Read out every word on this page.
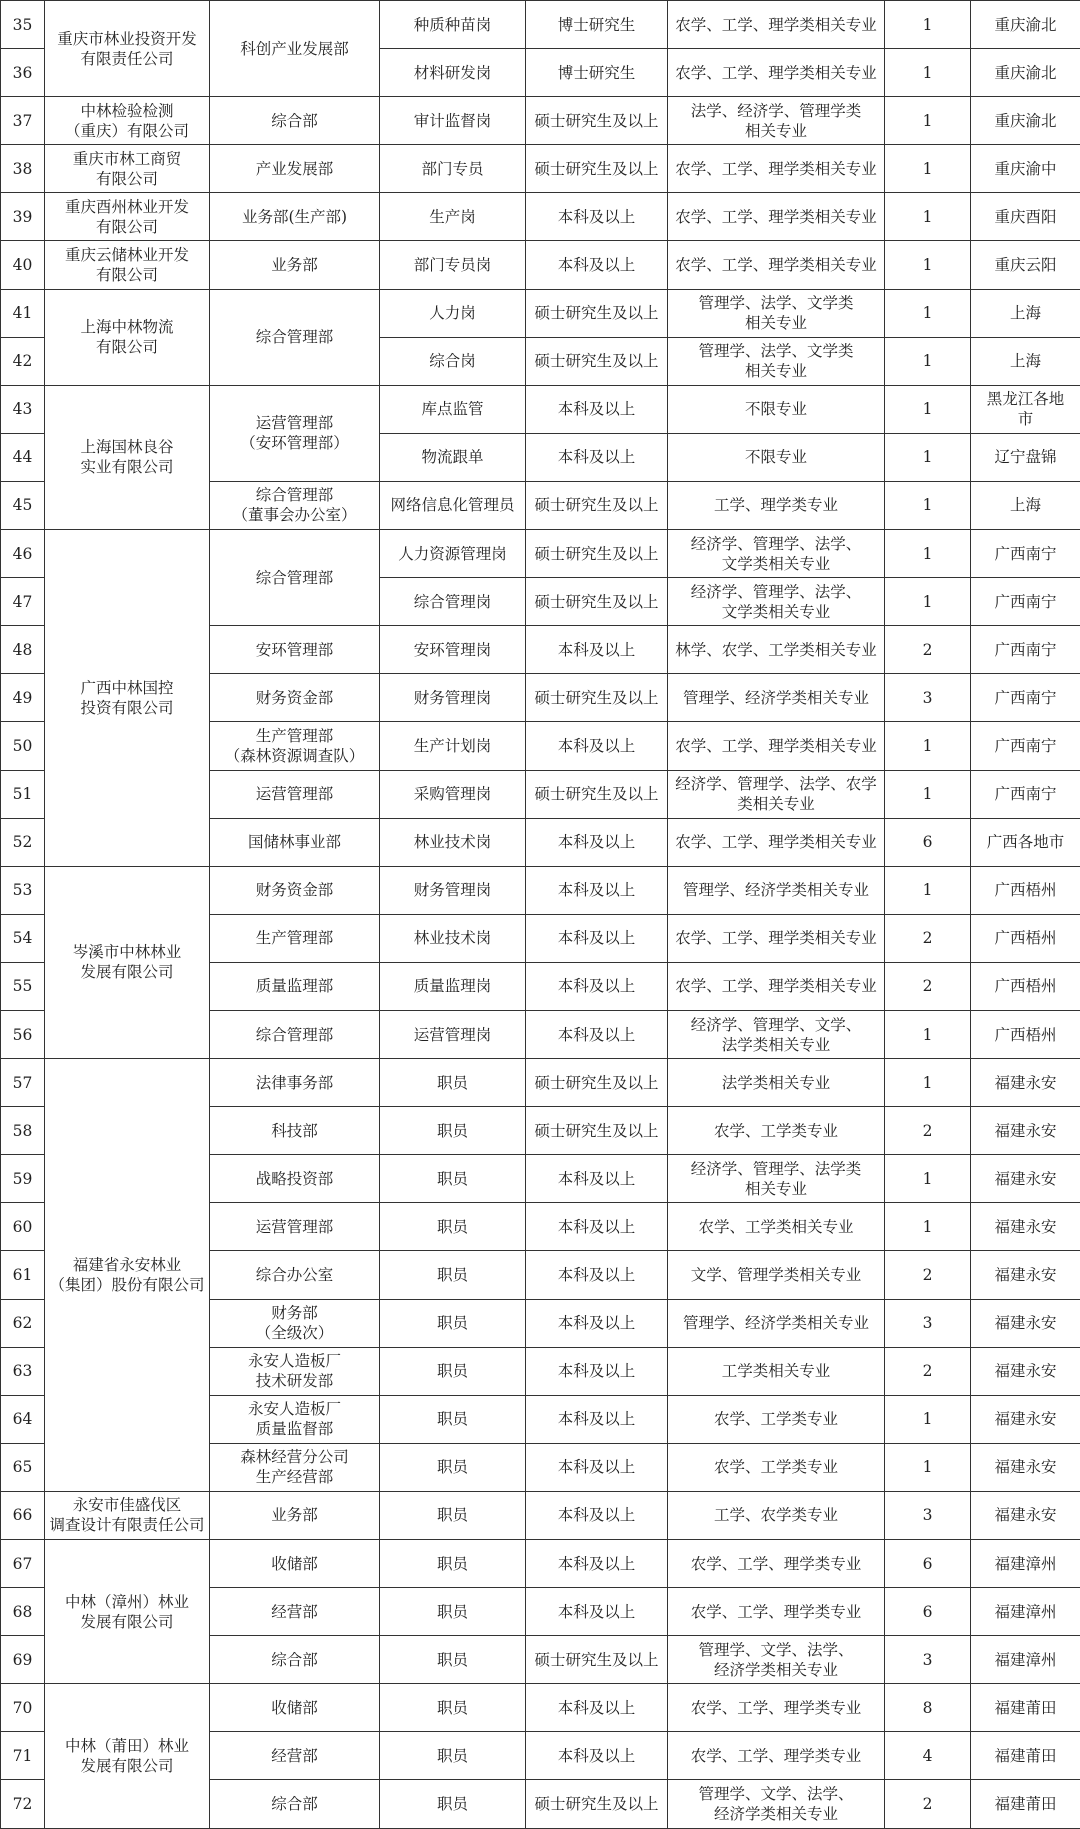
35	重庆市林业投资开发
有限责任公司	科创产业发展部	种质种苗岗	博士研究生	农学、工学、理学类相关专业	1	重庆渝北
36			材料研发岗	博士研究生	农学、工学、理学类相关专业	1	重庆渝北
37	中林检验检测
（重庆）有限公司	综合部	审计监督岗	硕士研究生及以上	法学、经济学、管理学类
相关专业	1	重庆渝北
38	重庆市林工商贸
有限公司	产业发展部	部门专员	硕士研究生及以上	农学、工学、理学类相关专业	1	重庆渝中
39	重庆酉州林业开发
有限公司	业务部(生产部)	生产岗	本科及以上	农学、工学、理学类相关专业	1	重庆酉阳
40	重庆云储林业开发
有限公司	业务部	部门专员岗	本科及以上	农学、工学、理学类相关专业	1	重庆云阳
41	上海中林物流
有限公司	综合管理部	人力岗	硕士研究生及以上	管理学、法学、文学类
相关专业	1	上海
42			综合岗	硕士研究生及以上	管理学、法学、文学类
相关专业	1	上海
43	上海国林良谷
实业有限公司	运营管理部
（安环管理部）	库点监管	本科及以上	不限专业	1	黑龙江各地
市
44			物流跟单	本科及以上	不限专业	1	辽宁盘锦
45		综合管理部
（董事会办公室）	网络信息化管理员	硕士研究生及以上	工学、理学类专业	1	上海
46	广西中林国控
投资有限公司	综合管理部	人力资源管理岗	硕士研究生及以上	经济学、管理学、法学、
文学类相关专业	1	广西南宁
47			综合管理岗	硕士研究生及以上	经济学、管理学、法学、
文学类相关专业	1	广西南宁
48		安环管理部	安环管理岗	本科及以上	林学、农学、工学类相关专业	2	广西南宁
49		财务资金部	财务管理岗	硕士研究生及以上	管理学、经济学类相关专业	3	广西南宁
50		生产管理部
（森林资源调查队）	生产计划岗	本科及以上	农学、工学、理学类相关专业	1	广西南宁
51		运营管理部	采购管理岗	硕士研究生及以上	经济学、管理学、法学、农学
类相关专业	1	广西南宁
52		国储林事业部	林业技术岗	本科及以上	农学、工学、理学类相关专业	6	广西各地市
53	岑溪市中林林业
发展有限公司	财务资金部	财务管理岗	本科及以上	管理学、经济学类相关专业	1	广西梧州
54		生产管理部	林业技术岗	本科及以上	农学、工学、理学类相关专业	2	广西梧州
55		质量监理部	质量监理岗	本科及以上	农学、工学、理学类相关专业	2	广西梧州
56		综合管理部	运营管理岗	本科及以上	经济学、管理学、文学、
法学类相关专业	1	广西梧州
57	福建省永安林业
（集团）股份有限公司	法律事务部	职员	硕士研究生及以上	法学类相关专业	1	福建永安
58		科技部	职员	硕士研究生及以上	农学、工学类专业	2	福建永安
59		战略投资部	职员	本科及以上	经济学、管理学、法学类
相关专业	1	福建永安
60		运营管理部	职员	本科及以上	农学、工学类相关专业	1	福建永安
61		综合办公室	职员	本科及以上	文学、管理学类相关专业	2	福建永安
62		财务部
（全级次）	职员	本科及以上	管理学、经济学类相关专业	3	福建永安
63		永安人造板厂
技术研发部	职员	本科及以上	工学类相关专业	2	福建永安
64		永安人造板厂
质量监督部	职员	本科及以上	农学、工学类专业	1	福建永安
65		森林经营分公司
生产经营部	职员	本科及以上	农学、工学类专业	1	福建永安
66	永安市佳盛伐区
调查设计有限责任公司	业务部	职员	本科及以上	工学、农学类专业	3	福建永安
67	中林（漳州）林业
发展有限公司	收储部	职员	本科及以上	农学、工学、理学类专业	6	福建漳州
68		经营部	职员	本科及以上	农学、工学、理学类专业	6	福建漳州
69		综合部	职员	硕士研究生及以上	管理学、文学、法学、
经济学类相关专业	3	福建漳州
70	中林（莆田）林业
发展有限公司	收储部	职员	本科及以上	农学、工学、理学类专业	8	福建莆田
71		经营部	职员	本科及以上	农学、工学、理学类专业	4	福建莆田
72		综合部	职员	硕士研究生及以上	管理学、文学、法学、
经济学类相关专业	2	福建莆田
